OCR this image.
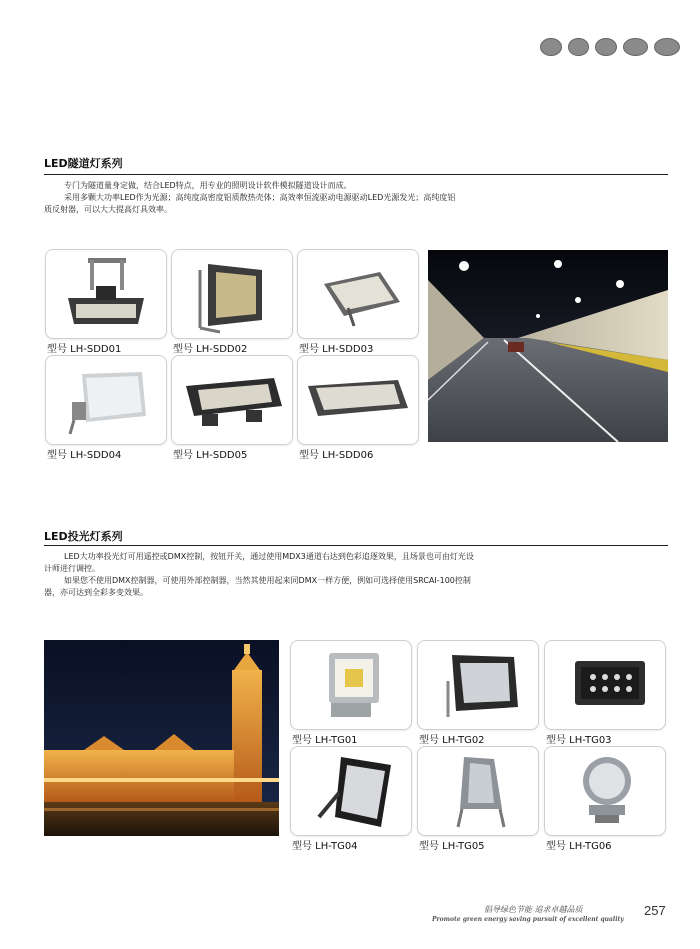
LED隧道灯系列
专门为隧道量身定做，结合LED特点，用专业的照明设计软件模拟隧道设计而成。
采用多颗大功率LED作为光源；高纯度高密度铝质散热壳体；高效率恒流驱动电源驱动LED光源发光；高纯度铝
质反射器，可以大大提高灯具效率。
型号 LH-SDD01	型号 LH-SDD02	型号 LH-SDD03
型号 LH-SDD04	型号 LH-SDD05	型号 LH-SDD06
LED投光灯系列
LED大功率投光灯可用遥控或DMX控制，按钮开关，通过使用MDX3通道右达到色彩追逐效果，且场景也可由灯光设
计师进行调控。
如果您不使用DMX控制器，可使用外部控制器，当然其使用起来同DMX一样方便，例如可选择使用SRCAI-100控制
器，亦可达到全彩多变效果。
型号 LH-TG01	型号 LH-TG02	型号 LH-TG03
型号 LH-TG04	型号 LH-TG05	型号 LH-TG06
倡导绿色节能 追求卓越品质
Promote green energy saving pursuit of excellent quality
257
